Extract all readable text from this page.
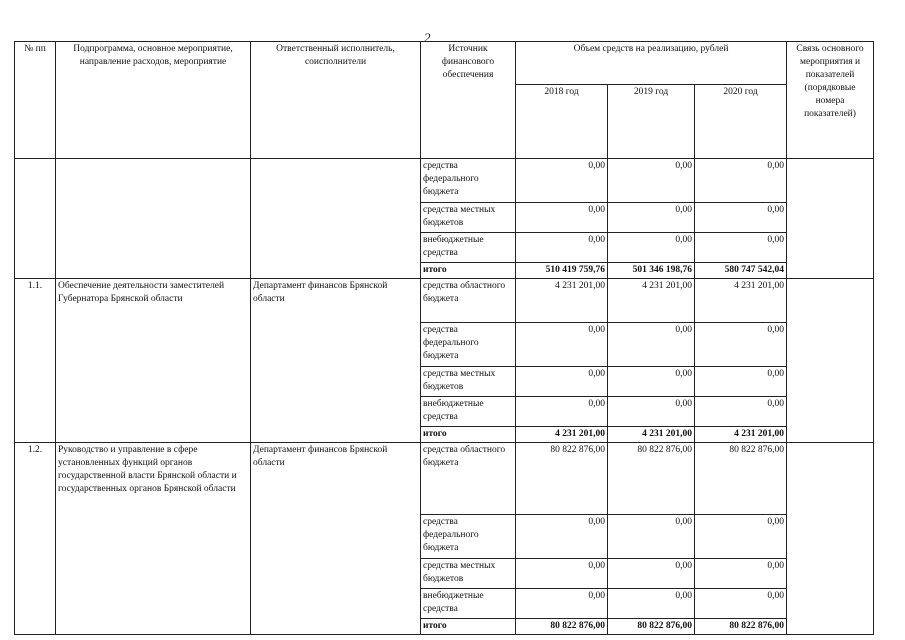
2
№ пп	Подпрограмма, основное мероприятие, направление расходов, мероприятие	Ответственный исполнитель, соисполнители	Источник финансового обеспечения	Объем средств на реализацию, рублей			Связь основного мероприятия и показателей (порядковые номера показателей)
				2018 год	2019 год	2020 год	
			средства федерального бюджета	0,00	0,00	0,00	
			средства местных бюджетов	0,00	0,00	0,00	
			внебюджетные средства	0,00	0,00	0,00	
			итого	510 419 759,76	501 346 198,76	580 747 542,04	
1.1.	Обеспечение деятельности заместителей Губернатора Брянской области	Департамент финансов Брянской области	средства областного бюджета	4 231 201,00	4 231 201,00	4 231 201,00	
			средства федерального бюджета	0,00	0,00	0,00	
			средства местных бюджетов	0,00	0,00	0,00	
			внебюджетные средства	0,00	0,00	0,00	
			итого	4 231 201,00	4 231 201,00	4 231 201,00	
1.2.	Руководство и управление в сфере установленных функций органов государственной власти Брянской области и государственных органов Брянской области	Департамент финансов Брянской области	средства областного бюджета	80 822 876,00	80 822 876,00	80 822 876,00	
			средства федерального бюджета	0,00	0,00	0,00	
			средства местных бюджетов	0,00	0,00	0,00	
			внебюджетные средства	0,00	0,00	0,00	
			итого	80 822 876,00	80 822 876,00	80 822 876,00	
